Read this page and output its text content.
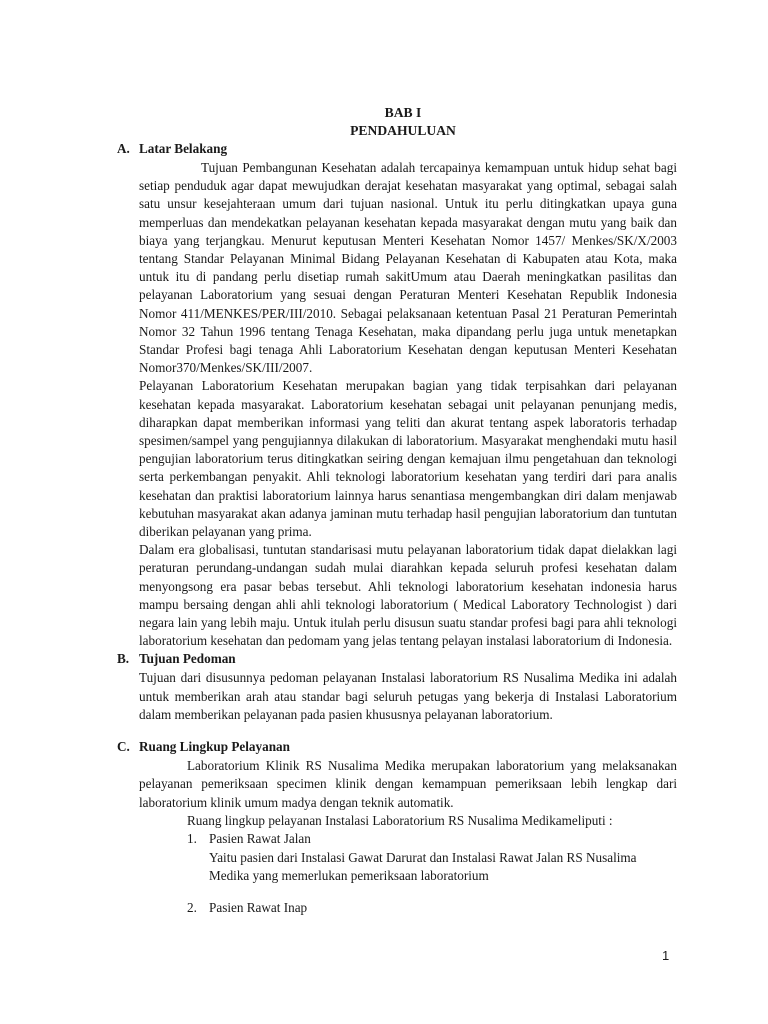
BAB I
PENDAHULUAN
A. Latar Belakang

Tujuan Pembangunan Kesehatan adalah tercapainya kemampuan untuk hidup sehat bagi setiap penduduk agar dapat mewujudkan derajat kesehatan masyarakat yang optimal, sebagai salah satu unsur kesejahteraan umum dari tujuan nasional. Untuk itu perlu ditingkatkan upaya guna memperluas dan mendekatkan pelayanan kesehatan kepada masyarakat dengan mutu yang baik dan biaya yang terjangkau. Menurut keputusan Menteri Kesehatan Nomor 1457/ Menkes/SK/X/2003 tentang Standar Pelayanan Minimal Bidang Pelayanan Kesehatan di Kabupaten atau Kota, maka untuk itu di pandang perlu disetiap rumah sakitUmum atau Daerah meningkatkan pasilitas dan pelayanan Laboratorium yang sesuai dengan Peraturan Menteri Kesehatan Republik Indonesia Nomor 411/MENKES/PER/III/2010. Sebagai pelaksanaan ketentuan Pasal 21 Peraturan Pemerintah Nomor 32 Tahun 1996 tentang Tenaga Kesehatan, maka dipandang perlu juga untuk menetapkan Standar Profesi bagi tenaga Ahli Laboratorium Kesehatan dengan keputusan Menteri Kesehatan Nomor370/Menkes/SK/III/2007.

Pelayanan Laboratorium Kesehatan merupakan bagian yang tidak terpisahkan dari pelayanan kesehatan kepada masyarakat. Laboratorium kesehatan sebagai unit pelayanan penunjang medis, diharapkan dapat memberikan informasi yang teliti dan akurat tentang aspek laboratoris terhadap spesimen/sampel yang pengujiannya dilakukan di laboratorium. Masyarakat menghendaki mutu hasil pengujian laboratorium terus ditingkatkan seiring dengan kemajuan ilmu pengetahuan dan teknologi serta perkembangan penyakit. Ahli teknologi laboratorium kesehatan yang terdiri dari para analis kesehatan dan praktisi laboratorium lainnya harus senantiasa mengembangkan diri dalam menjawab kebutuhan masyarakat akan adanya jaminan mutu terhadap hasil pengujian laboratorium dan tuntutan diberikan pelayanan yang prima.

Dalam era globalisasi, tuntutan standarisasi mutu pelayanan laboratorium tidak dapat dielakkan lagi peraturan perundang-undangan sudah mulai diarahkan kepada seluruh profesi kesehatan dalam menyongsong era pasar bebas tersebut. Ahli teknologi laboratorium kesehatan indonesia harus mampu bersaing dengan ahli ahli teknologi laboratorium ( Medical Laboratory Technologist ) dari negara lain yang lebih maju. Untuk itulah perlu disusun suatu standar profesi bagi para ahli teknologi laboratorium kesehatan dan pedomam yang jelas tentang pelayan instalasi laboratorium di Indonesia.

B. Tujuan Pedoman

Tujuan dari disusunnya pedoman pelayanan Instalasi laboratorium RS Nusalima Medika ini adalah untuk memberikan arah atau standar bagi seluruh petugas yang bekerja di Instalasi Laboratorium dalam memberikan pelayanan pada pasien khususnya pelayanan laboratorium.

C. Ruang Lingkup Pelayanan

Laboratorium Klinik RS Nusalima Medika merupakan laboratorium yang melaksanakan pelayanan pemeriksaan specimen klinik dengan kemampuan pemeriksaan lebih lengkap dari laboratorium klinik umum madya dengan teknik automatik.

Ruang lingkup pelayanan Instalasi Laboratorium RS Nusalima Medikameliputi :
1. Pasien Rawat Jalan
Yaitu pasien dari Instalasi Gawat Darurat dan Instalasi Rawat Jalan RS Nusalima Medika yang memerlukan pemeriksaan laboratorium
2. Pasien Rawat Inap
1
